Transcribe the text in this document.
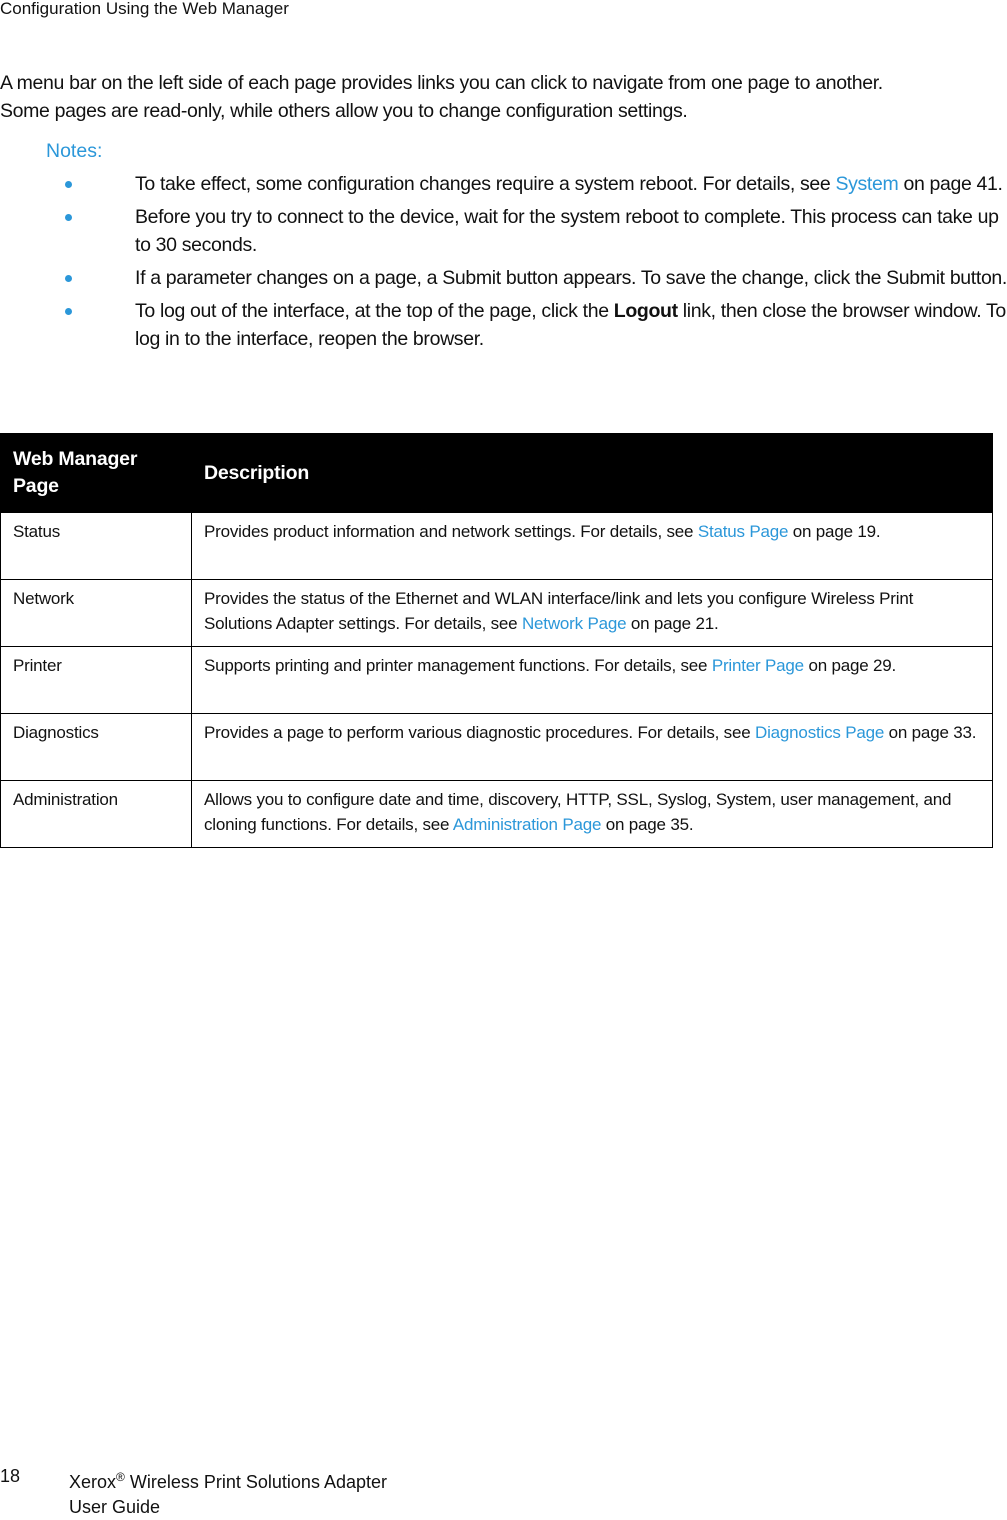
Configuration Using the Web Manager

A menu bar on the left side of each page provides links you can click to navigate from one page to another.

Some pages are read-only, while others allow you to change configuration settings.

Notes:
To take effect, some configuration changes require a system reboot. For details, see System on page 41.
Before you try to connect to the device, wait for the system reboot to complete. This process can take up to 30 seconds.
If a parameter changes on a page, a Submit button appears. To save the change, click the Submit button.
To log out of the interface, at the top of the page, click the Logout link, then close the browser window. To log in to the interface, reopen the browser.
Web Manager Page	Description
Status	Provides product information and network settings. For details, see Status Page on page 19.
Network	Provides the status of the Ethernet and WLAN interface/link and lets you configure Wireless Print Solutions Adapter settings. For details, see Network Page on page 21.
Printer	Supports printing and printer management functions. For details, see Printer Page on page 29.
Diagnostics	Provides a page to perform various diagnostic procedures. For details, see Diagnostics Page on page 33.
Administration	Allows you to configure date and time, discovery, HTTP, SSL, Syslog, System, user management, and cloning functions. For details, see Administration Page on page 35.
18	Xerox® Wireless Print Solutions Adapter
User Guide
